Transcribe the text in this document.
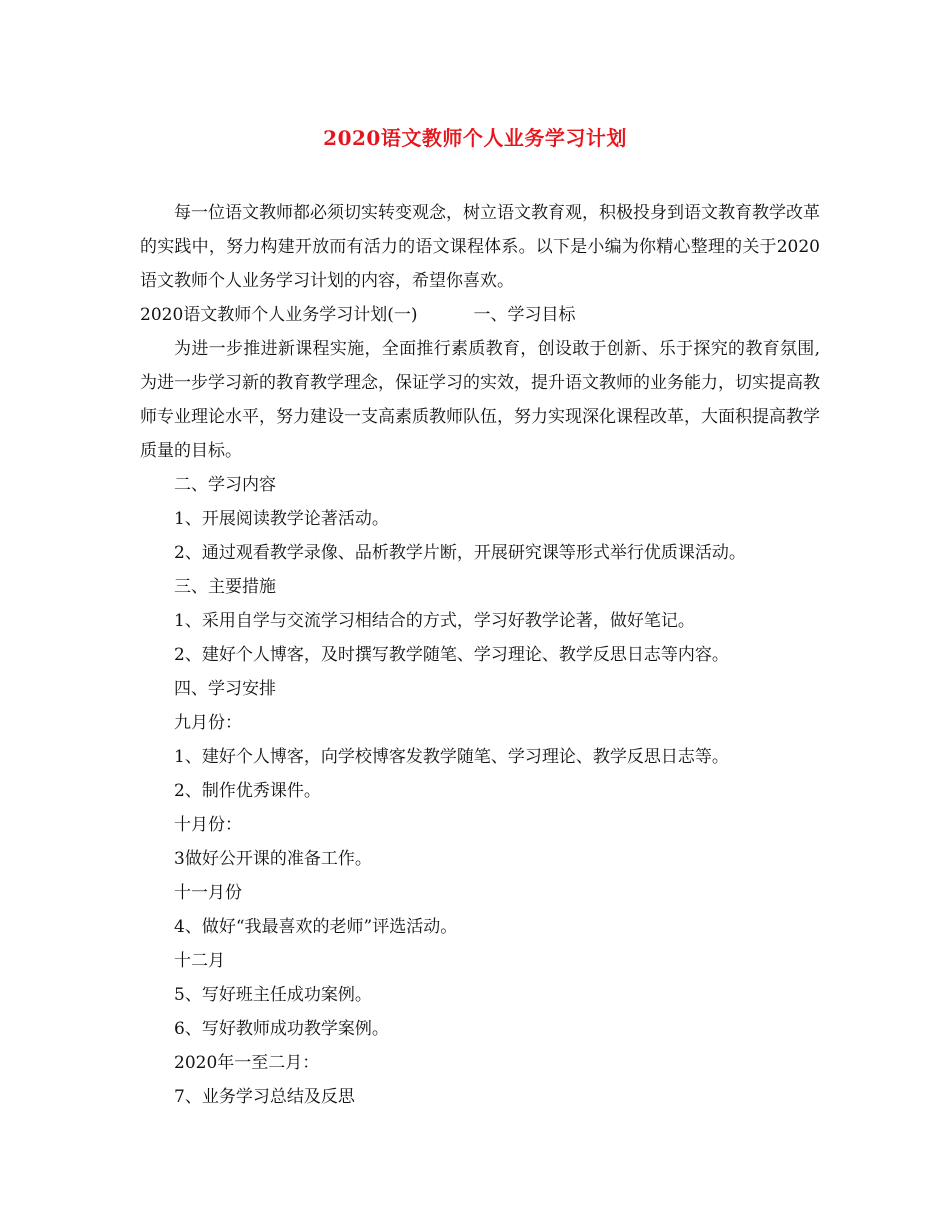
2020语文教师个人业务学习计划

每一位语文教师都必须切实转变观念，树立语文教育观，积极投身到语文教育教学改革的实践中，努力构建开放而有活力的语文课程体系。以下是小编为你精心整理的关于2020语文教师个人业务学习计划的内容，希望你喜欢。

2020语文教师个人业务学习计划(一)	一、学习目标

为进一步推进新课程实施，全面推行素质教育，创设敢于创新、乐于探究的教育氛围,为进一步学习新的教育教学理念，保证学习的实效，提升语文教师的业务能力，切实提高教师专业理论水平，努力建设一支高素质教师队伍，努力实现深化课程改革，大面积提高教学质量的目标。

二、学习内容

1、开展阅读教学论著活动。

2、通过观看教学录像、品析教学片断，开展研究课等形式举行优质课活动。

三、主要措施

1、采用自学与交流学习相结合的方式，学习好教学论著，做好笔记。

2、建好个人博客，及时撰写教学随笔、学习理论、教学反思日志等内容。

四、学习安排

九月份：

1、建好个人博客，向学校博客发教学随笔、学习理论、教学反思日志等。

2、制作优秀课件。

十月份：

3做好公开课的准备工作。

十一月份

4、做好“我最喜欢的老师”评选活动。

十二月

5、写好班主任成功案例。

6、写好教师成功教学案例。

2020年一至二月：

7、业务学习总结及反思
